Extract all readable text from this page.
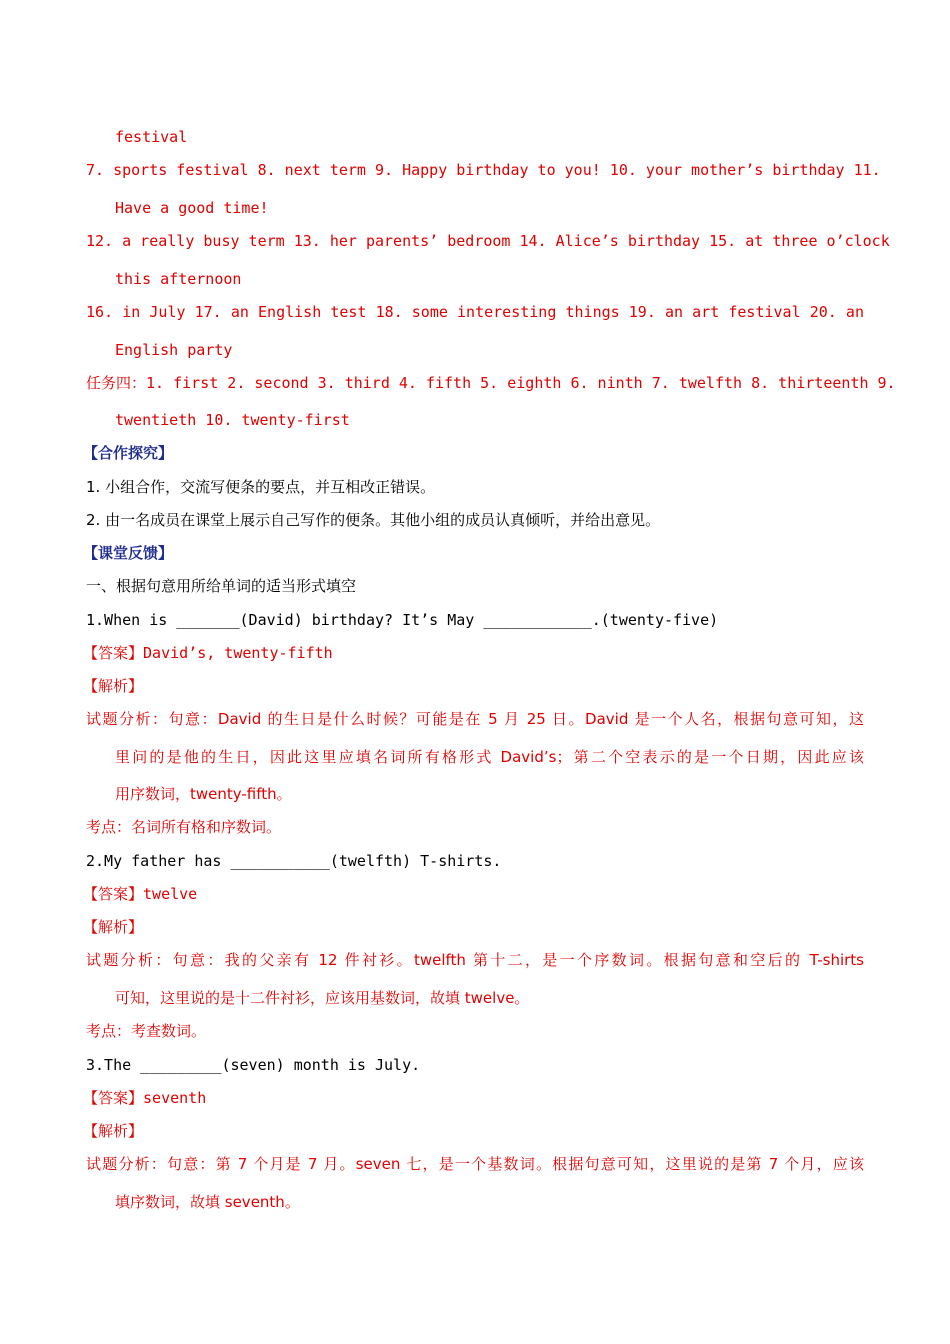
festival
7. sports festival 8. next term 9. Happy birthday to you! 10. your mother’s birthday 11.
Have a good time!
12. a really busy term 13. her parents’ bedroom 14. Alice’s birthday 15. at three o’clock
this afternoon
16. in July 17. an English test 18. some interesting things 19. an art festival 20. an
English party
任务四： 1. first 2. second 3. third 4. fifth 5. eighth 6. ninth 7. twelfth 8. thirteenth 9.
twentieth 10. twenty-first
【合作探究】
1. 小组合作，交流写便条的要点，并互相改正错误。
2. 由一名成员在课堂上展示自己写作的便条。其他小组的成员认真倾听，并给出意见。
【课堂反馈】
一、根据句意用所给单词的适当形式填空
1.When is _______(David) birthday? It’s May ____________.(twenty-five)
【答案】David’s, twenty-fifth
【解析】
试题分析：句意：David 的生日是什么时候？可能是在 5 月 25 日。David 是一个人名，根据句意可知，这
里问的是他的生日，因此这里应填名词所有格形式 David’s；第二个空表示的是一个日期，因此应该
用序数词，twenty-fifth。
考点：名词所有格和序数词。
2.My father has ___________(twelfth) T-shirts.
【答案】twelve
【解析】
试题分析：句意：我的父亲有 12 件衬衫。twelfth 第十二，是一个序数词。根据句意和空后的 T-shirts
可知，这里说的是十二件衬衫，应该用基数词，故填 twelve。
考点：考查数词。
3.The _________(seven) month is July.
【答案】seventh
【解析】
试题分析：句意：第 7 个月是 7 月。seven 七，是一个基数词。根据句意可知，这里说的是第 7 个月，应该
填序数词，故填 seventh。
